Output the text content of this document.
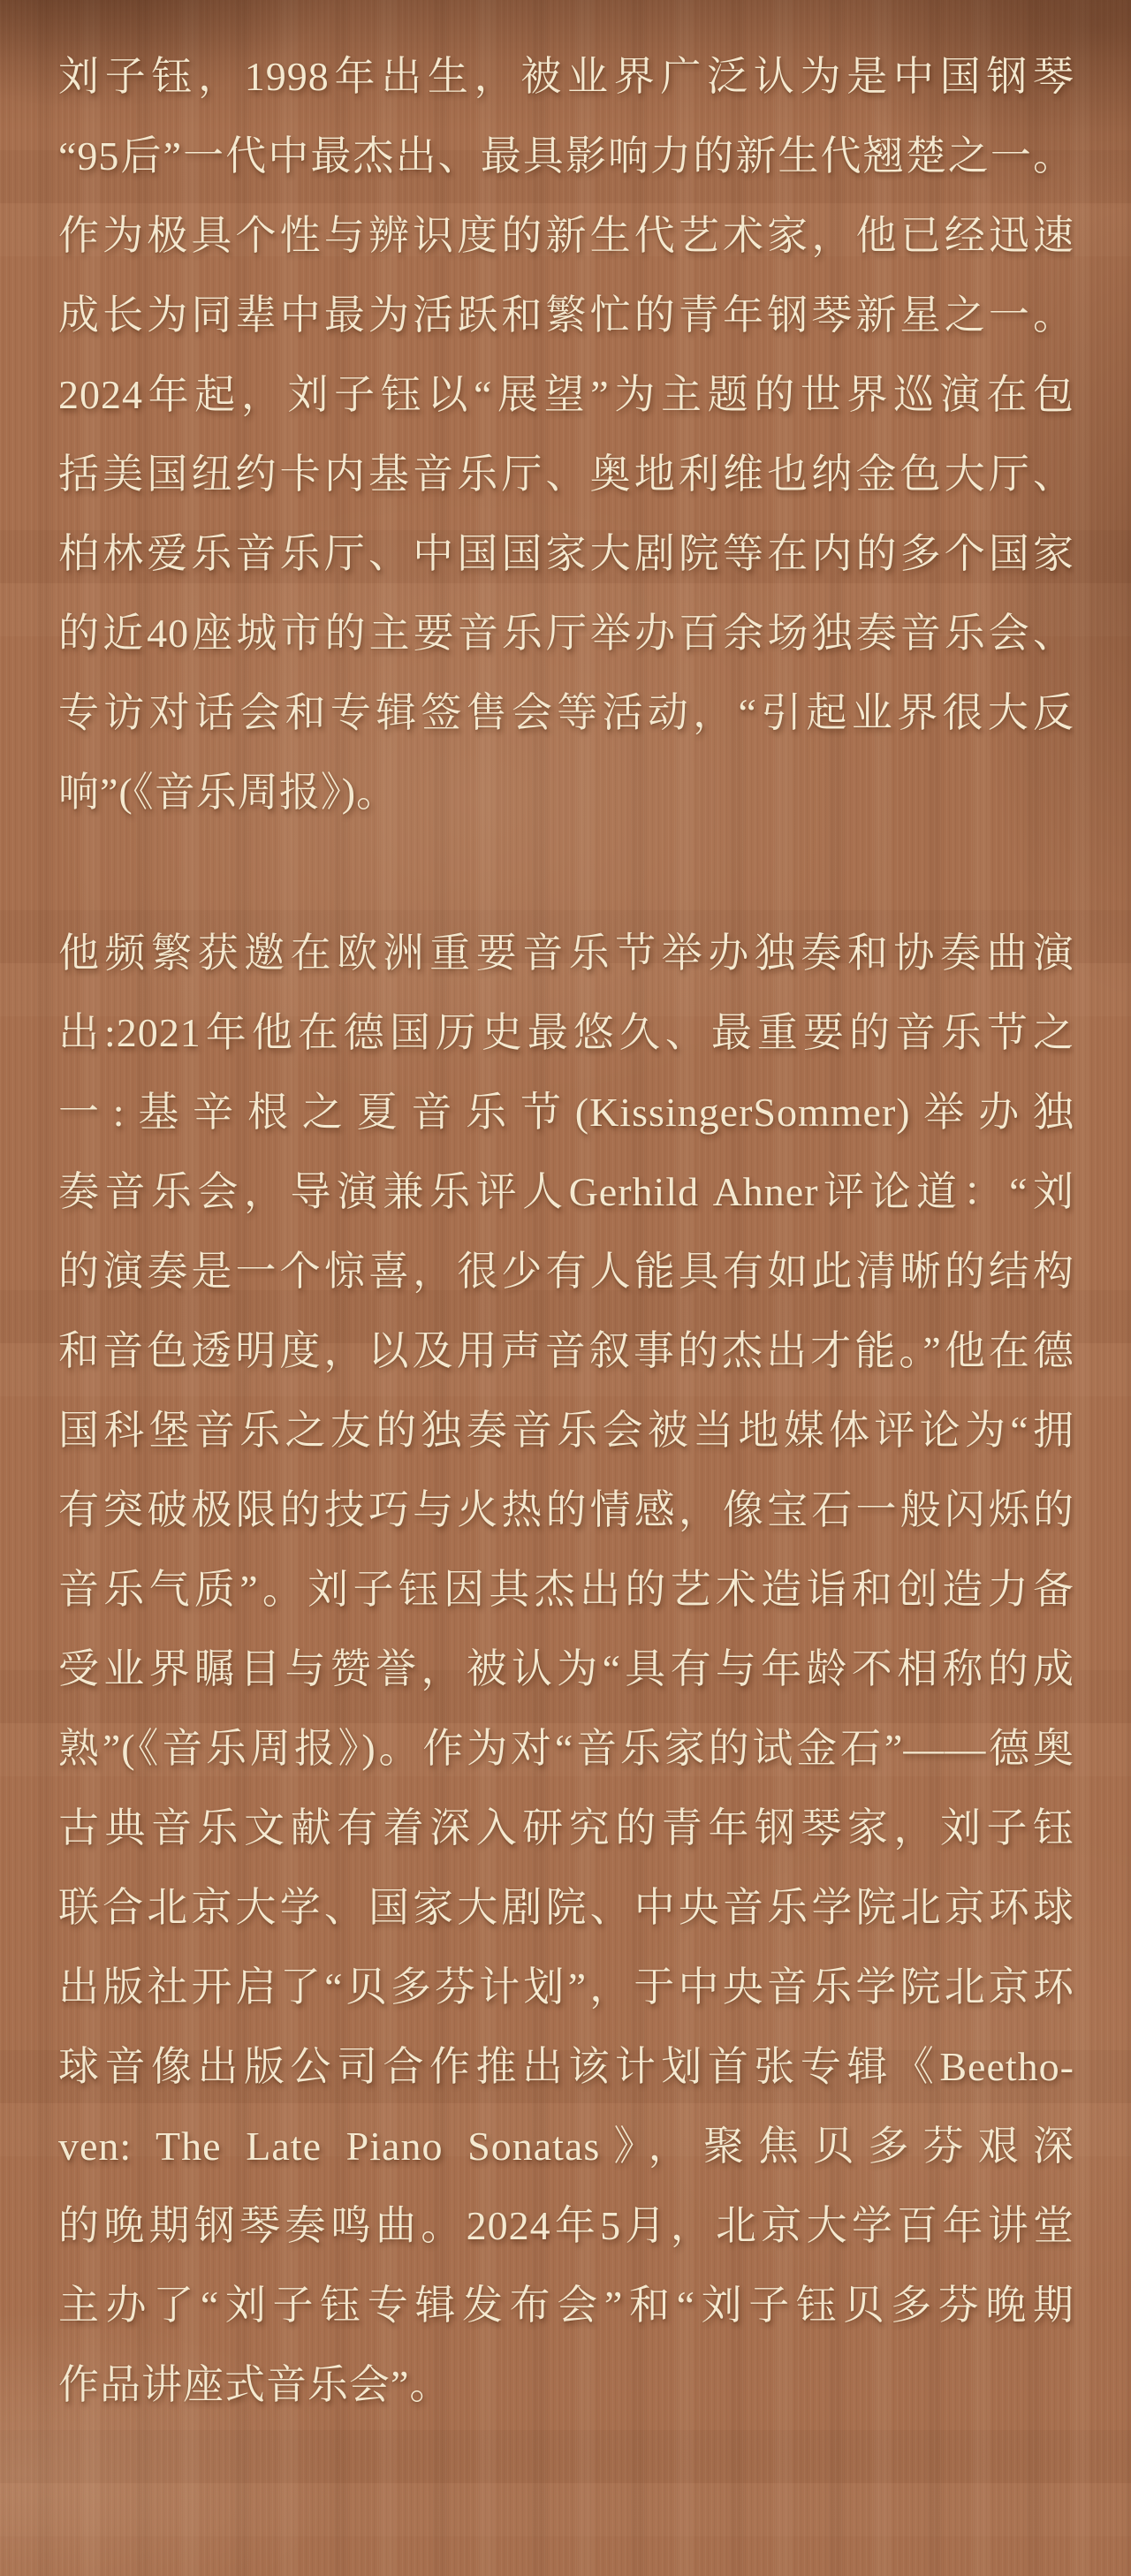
刘子钰，1998年出生，被业界广泛认为是中国钢琴
“95后”一代中最杰出、最具影响力的新生代翘楚之一。
作为极具个性与辨识度的新生代艺术家，他已经迅速
成长为同辈中最为活跃和繁忙的青年钢琴新星之一。
2024年起，刘子钰以“展望”为主题的世界巡演在包
括美国纽约卡内基音乐厅、奥地利维也纳金色大厅、
柏林爱乐音乐厅、中国国家大剧院等在内的多个国家
的近40座城市的主要音乐厅举办百余场独奏音乐会、
专访对话会和专辑签售会等活动，“引起业界很大反
响”(《音乐周报》)。
他频繁获邀在欧洲重要音乐节举办独奏和协奏曲演
出:2021年他在德国历史最悠久、最重要的音乐节之
一:基辛根之夏音乐节(KissingerSommer)举办独
奏音乐会，导演兼乐评人Gerhild Ahner评论道：“刘
的演奏是一个惊喜，很少有人能具有如此清晰的结构
和音色透明度，以及用声音叙事的杰出才能。”他在德
国科堡音乐之友的独奏音乐会被当地媒体评论为“拥
有突破极限的技巧与火热的情感，像宝石一般闪烁的
音乐气质”。刘子钰因其杰出的艺术造诣和创造力备
受业界瞩目与赞誉，被认为“具有与年龄不相称的成
熟”(《音乐周报》)。作为对“音乐家的试金石”——德奥
古典音乐文献有着深入研究的青年钢琴家，刘子钰
联合北京大学、国家大剧院、中央音乐学院北京环球
出版社开启了“贝多芬计划”，于中央音乐学院北京环
球音像出版公司合作推出该计划首张专辑《Beetho-
ven: The Late Piano Sonatas》，聚焦贝多芬艰深
的晚期钢琴奏鸣曲。2024年5月，北京大学百年讲堂
主办了“刘子钰专辑发布会”和“刘子钰贝多芬晚期
作品讲座式音乐会”。
